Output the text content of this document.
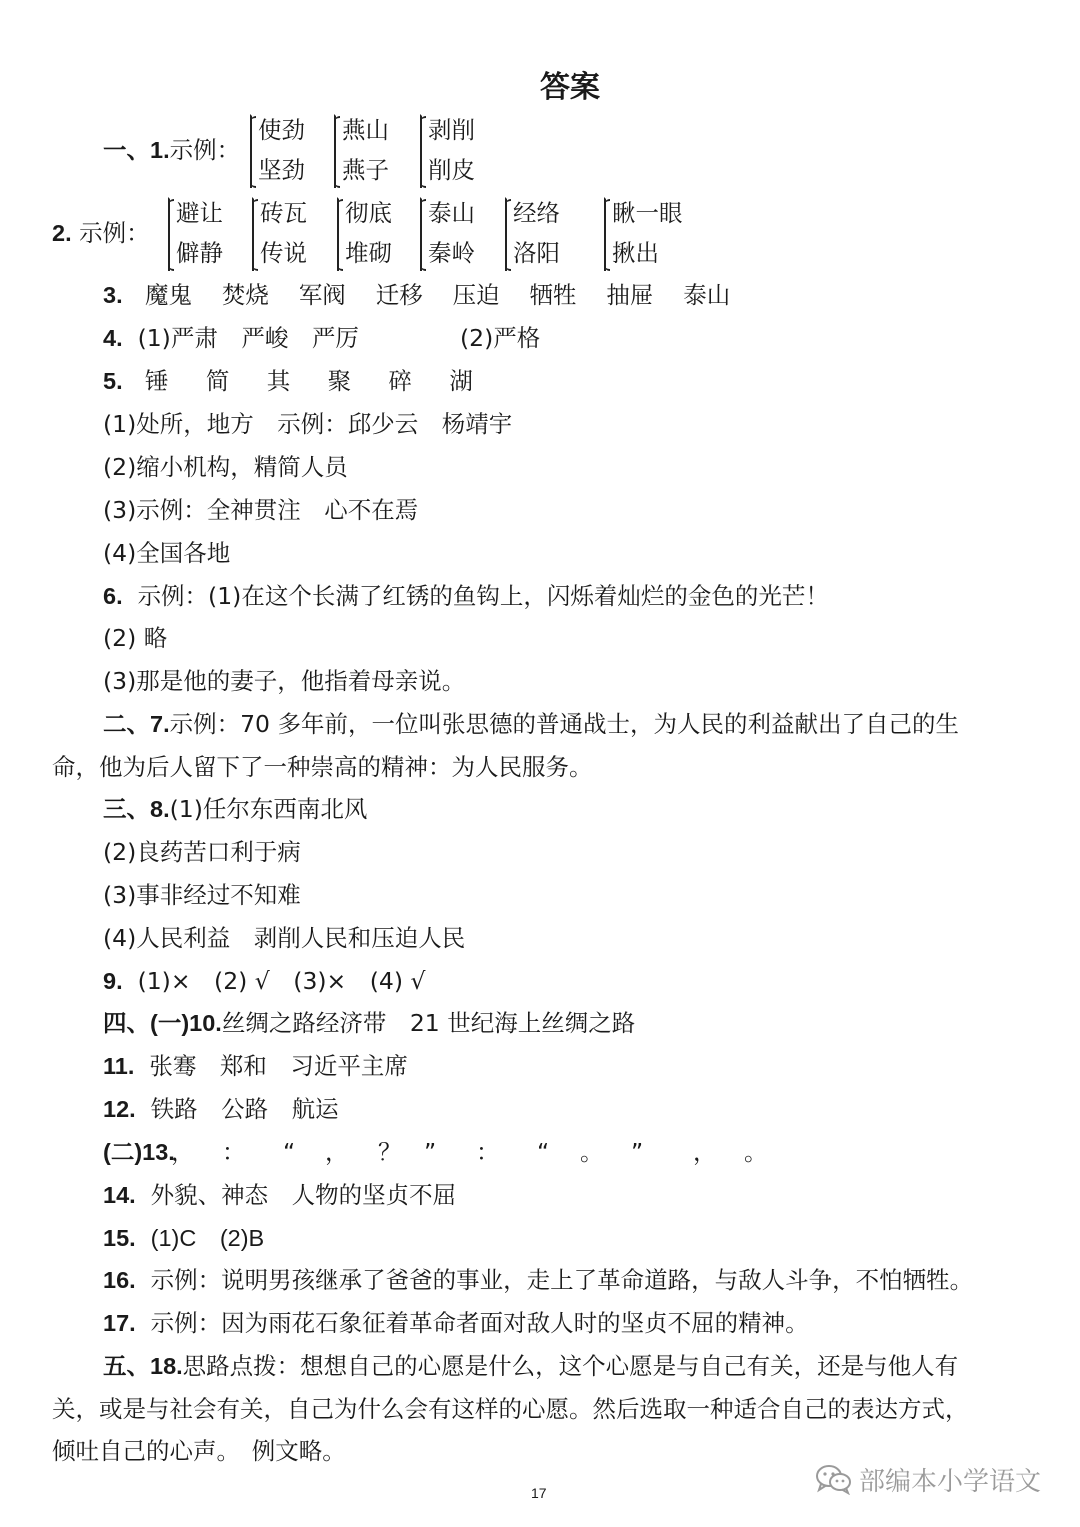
答案
一、1.示例：
使劲
坚劲
燕山
燕子
剥削
削皮
2. 示例：
避让
僻静
砖瓦
传说
彻底
堆砌
泰山
秦岭
经络
洛阳
瞅一眼
揪出
3. 魔鬼 焚烧 军阀 迁移 压迫 牺牲 抽屉 泰山
4. (1)严肃　严峻　严厉	(2)严格
5. 锤 简 其 聚 碎 湖
(1)处所，地方　示例：邱少云　杨靖宇
(2)缩小机构，精简人员
(3)示例：全神贯注　心不在焉
(4)全国各地
6. 示例：(1)在这个长满了红锈的鱼钩上，闪烁着灿烂的金色的光芒！
(2) 略
(3)那是他的妻子，他指着母亲说。
二、7.示例：70 多年前，一位叫张思德的普通战士，为人民的利益献出了自己的生
命，他为后人留下了一种崇高的精神：为人民服务。
三、8.(1)任尔东西南北风
(2)良药苦口利于病
(3)事非经过不知难
(4)人民利益　剥削人民和压迫人民
9. (1)×　(2) √　(3)×　(4) √
四、(一)10.丝绸之路经济带　21 世纪海上丝绸之路
11. 张骞　郑和　习近平主席
12. 铁路　公路　航运
(二)13.
， ： “ ， ？ ” ： “ 。 ” ， 。
14. 外貌、神态　人物的坚贞不屈
15. (1)C　(2)B
16. 示例：说明男孩继承了爸爸的事业，走上了革命道路，与敌人斗争，不怕牺牲。
17. 示例：因为雨花石象征着革命者面对敌人时的坚贞不屈的精神。
五、18.思路点拨：想想自己的心愿是什么，这个心愿是与自己有关，还是与他人有
关，或是与社会有关，自己为什么会有这样的心愿。然后选取一种适合自己的表达方式，
倾吐自己的心声。　例文略。
17	部编本小学语文
